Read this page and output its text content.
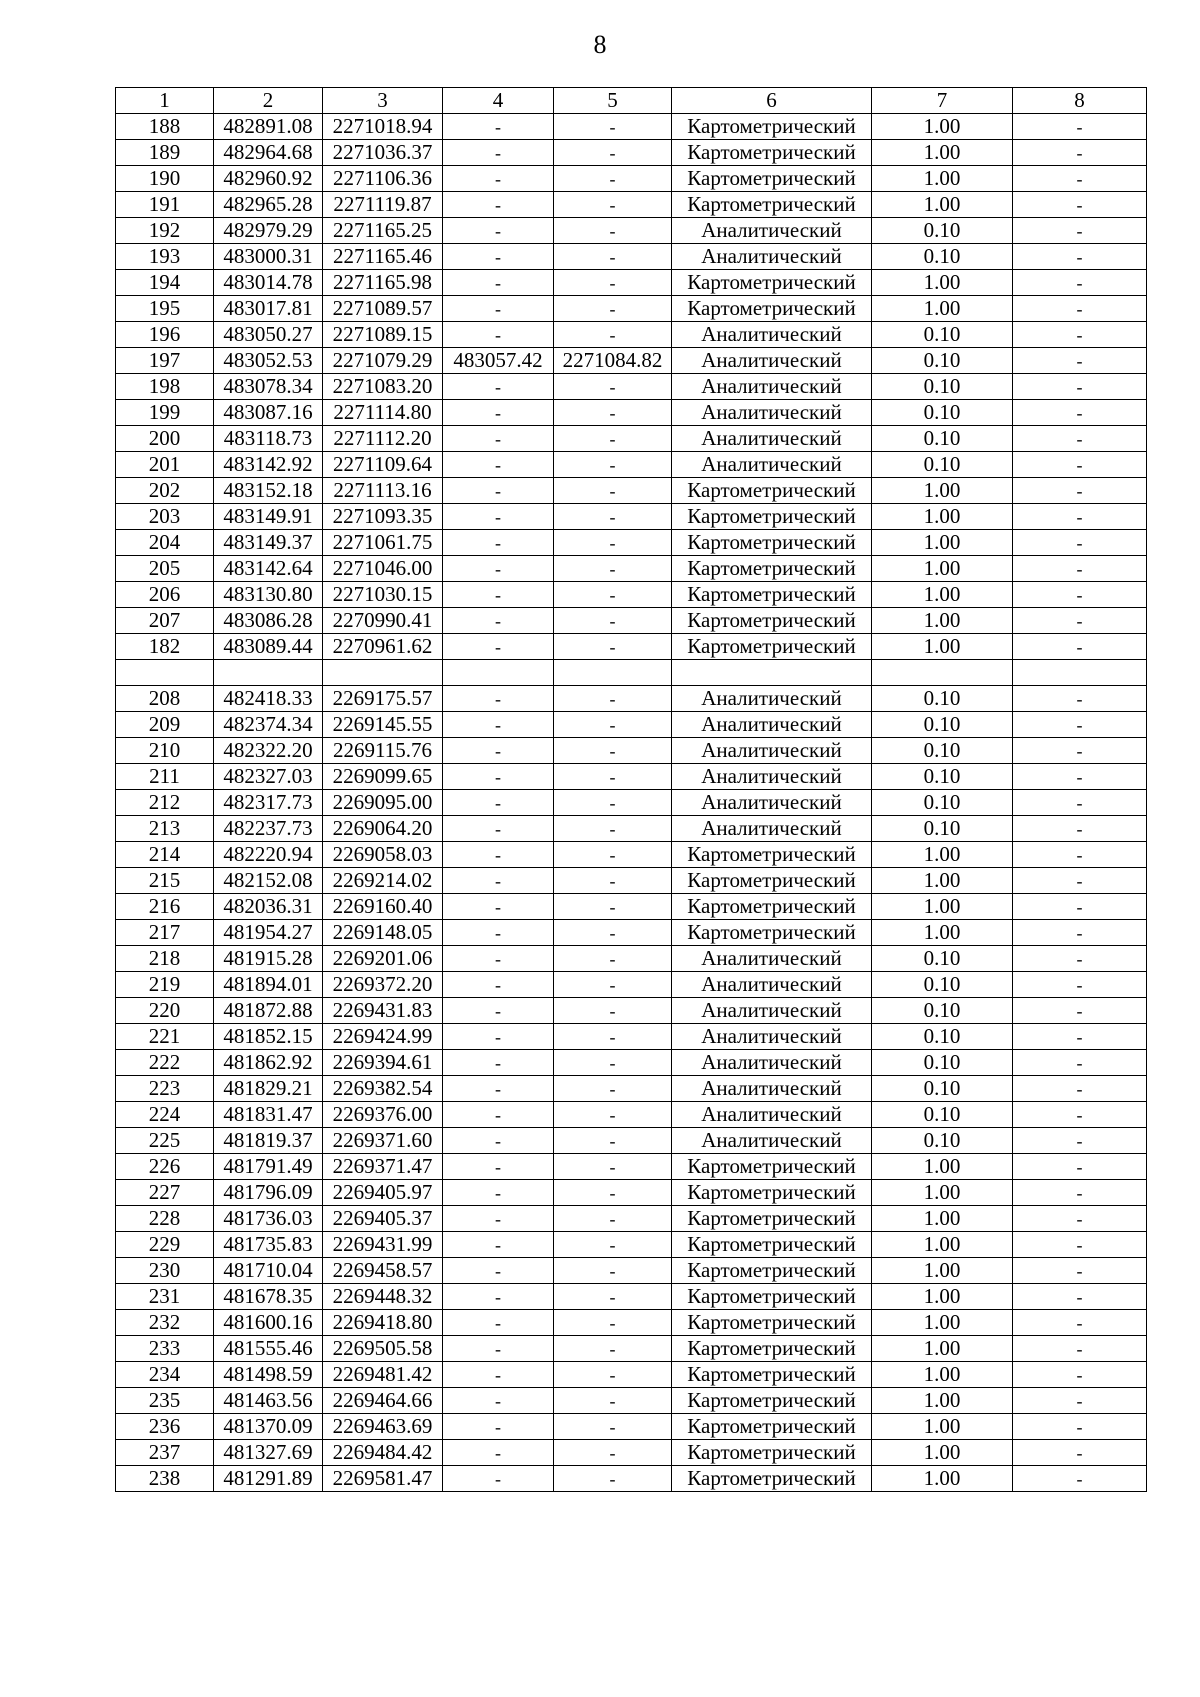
8
1	2	3	4	5	6	7	8
188	482891.08	2271018.94	-	-	Картометрический	1.00	-
189	482964.68	2271036.37	-	-	Картометрический	1.00	-
190	482960.92	2271106.36	-	-	Картометрический	1.00	-
191	482965.28	2271119.87	-	-	Картометрический	1.00	-
192	482979.29	2271165.25	-	-	Аналитический	0.10	-
193	483000.31	2271165.46	-	-	Аналитический	0.10	-
194	483014.78	2271165.98	-	-	Картометрический	1.00	-
195	483017.81	2271089.57	-	-	Картометрический	1.00	-
196	483050.27	2271089.15	-	-	Аналитический	0.10	-
197	483052.53	2271079.29	483057.42	2271084.82	Аналитический	0.10	-
198	483078.34	2271083.20	-	-	Аналитический	0.10	-
199	483087.16	2271114.80	-	-	Аналитический	0.10	-
200	483118.73	2271112.20	-	-	Аналитический	0.10	-
201	483142.92	2271109.64	-	-	Аналитический	0.10	-
202	483152.18	2271113.16	-	-	Картометрический	1.00	-
203	483149.91	2271093.35	-	-	Картометрический	1.00	-
204	483149.37	2271061.75	-	-	Картометрический	1.00	-
205	483142.64	2271046.00	-	-	Картометрический	1.00	-
206	483130.80	2271030.15	-	-	Картометрический	1.00	-
207	483086.28	2270990.41	-	-	Картометрический	1.00	-
182	483089.44	2270961.62	-	-	Картометрический	1.00	-

208	482418.33	2269175.57	-	-	Аналитический	0.10	-
209	482374.34	2269145.55	-	-	Аналитический	0.10	-
210	482322.20	2269115.76	-	-	Аналитический	0.10	-
211	482327.03	2269099.65	-	-	Аналитический	0.10	-
212	482317.73	2269095.00	-	-	Аналитический	0.10	-
213	482237.73	2269064.20	-	-	Аналитический	0.10	-
214	482220.94	2269058.03	-	-	Картометрический	1.00	-
215	482152.08	2269214.02	-	-	Картометрический	1.00	-
216	482036.31	2269160.40	-	-	Картометрический	1.00	-
217	481954.27	2269148.05	-	-	Картометрический	1.00	-
218	481915.28	2269201.06	-	-	Аналитический	0.10	-
219	481894.01	2269372.20	-	-	Аналитический	0.10	-
220	481872.88	2269431.83	-	-	Аналитический	0.10	-
221	481852.15	2269424.99	-	-	Аналитический	0.10	-
222	481862.92	2269394.61	-	-	Аналитический	0.10	-
223	481829.21	2269382.54	-	-	Аналитический	0.10	-
224	481831.47	2269376.00	-	-	Аналитический	0.10	-
225	481819.37	2269371.60	-	-	Аналитический	0.10	-
226	481791.49	2269371.47	-	-	Картометрический	1.00	-
227	481796.09	2269405.97	-	-	Картометрический	1.00	-
228	481736.03	2269405.37	-	-	Картометрический	1.00	-
229	481735.83	2269431.99	-	-	Картометрический	1.00	-
230	481710.04	2269458.57	-	-	Картометрический	1.00	-
231	481678.35	2269448.32	-	-	Картометрический	1.00	-
232	481600.16	2269418.80	-	-	Картометрический	1.00	-
233	481555.46	2269505.58	-	-	Картометрический	1.00	-
234	481498.59	2269481.42	-	-	Картометрический	1.00	-
235	481463.56	2269464.66	-	-	Картометрический	1.00	-
236	481370.09	2269463.69	-	-	Картометрический	1.00	-
237	481327.69	2269484.42	-	-	Картометрический	1.00	-
238	481291.89	2269581.47	-	-	Картометрический	1.00	-
